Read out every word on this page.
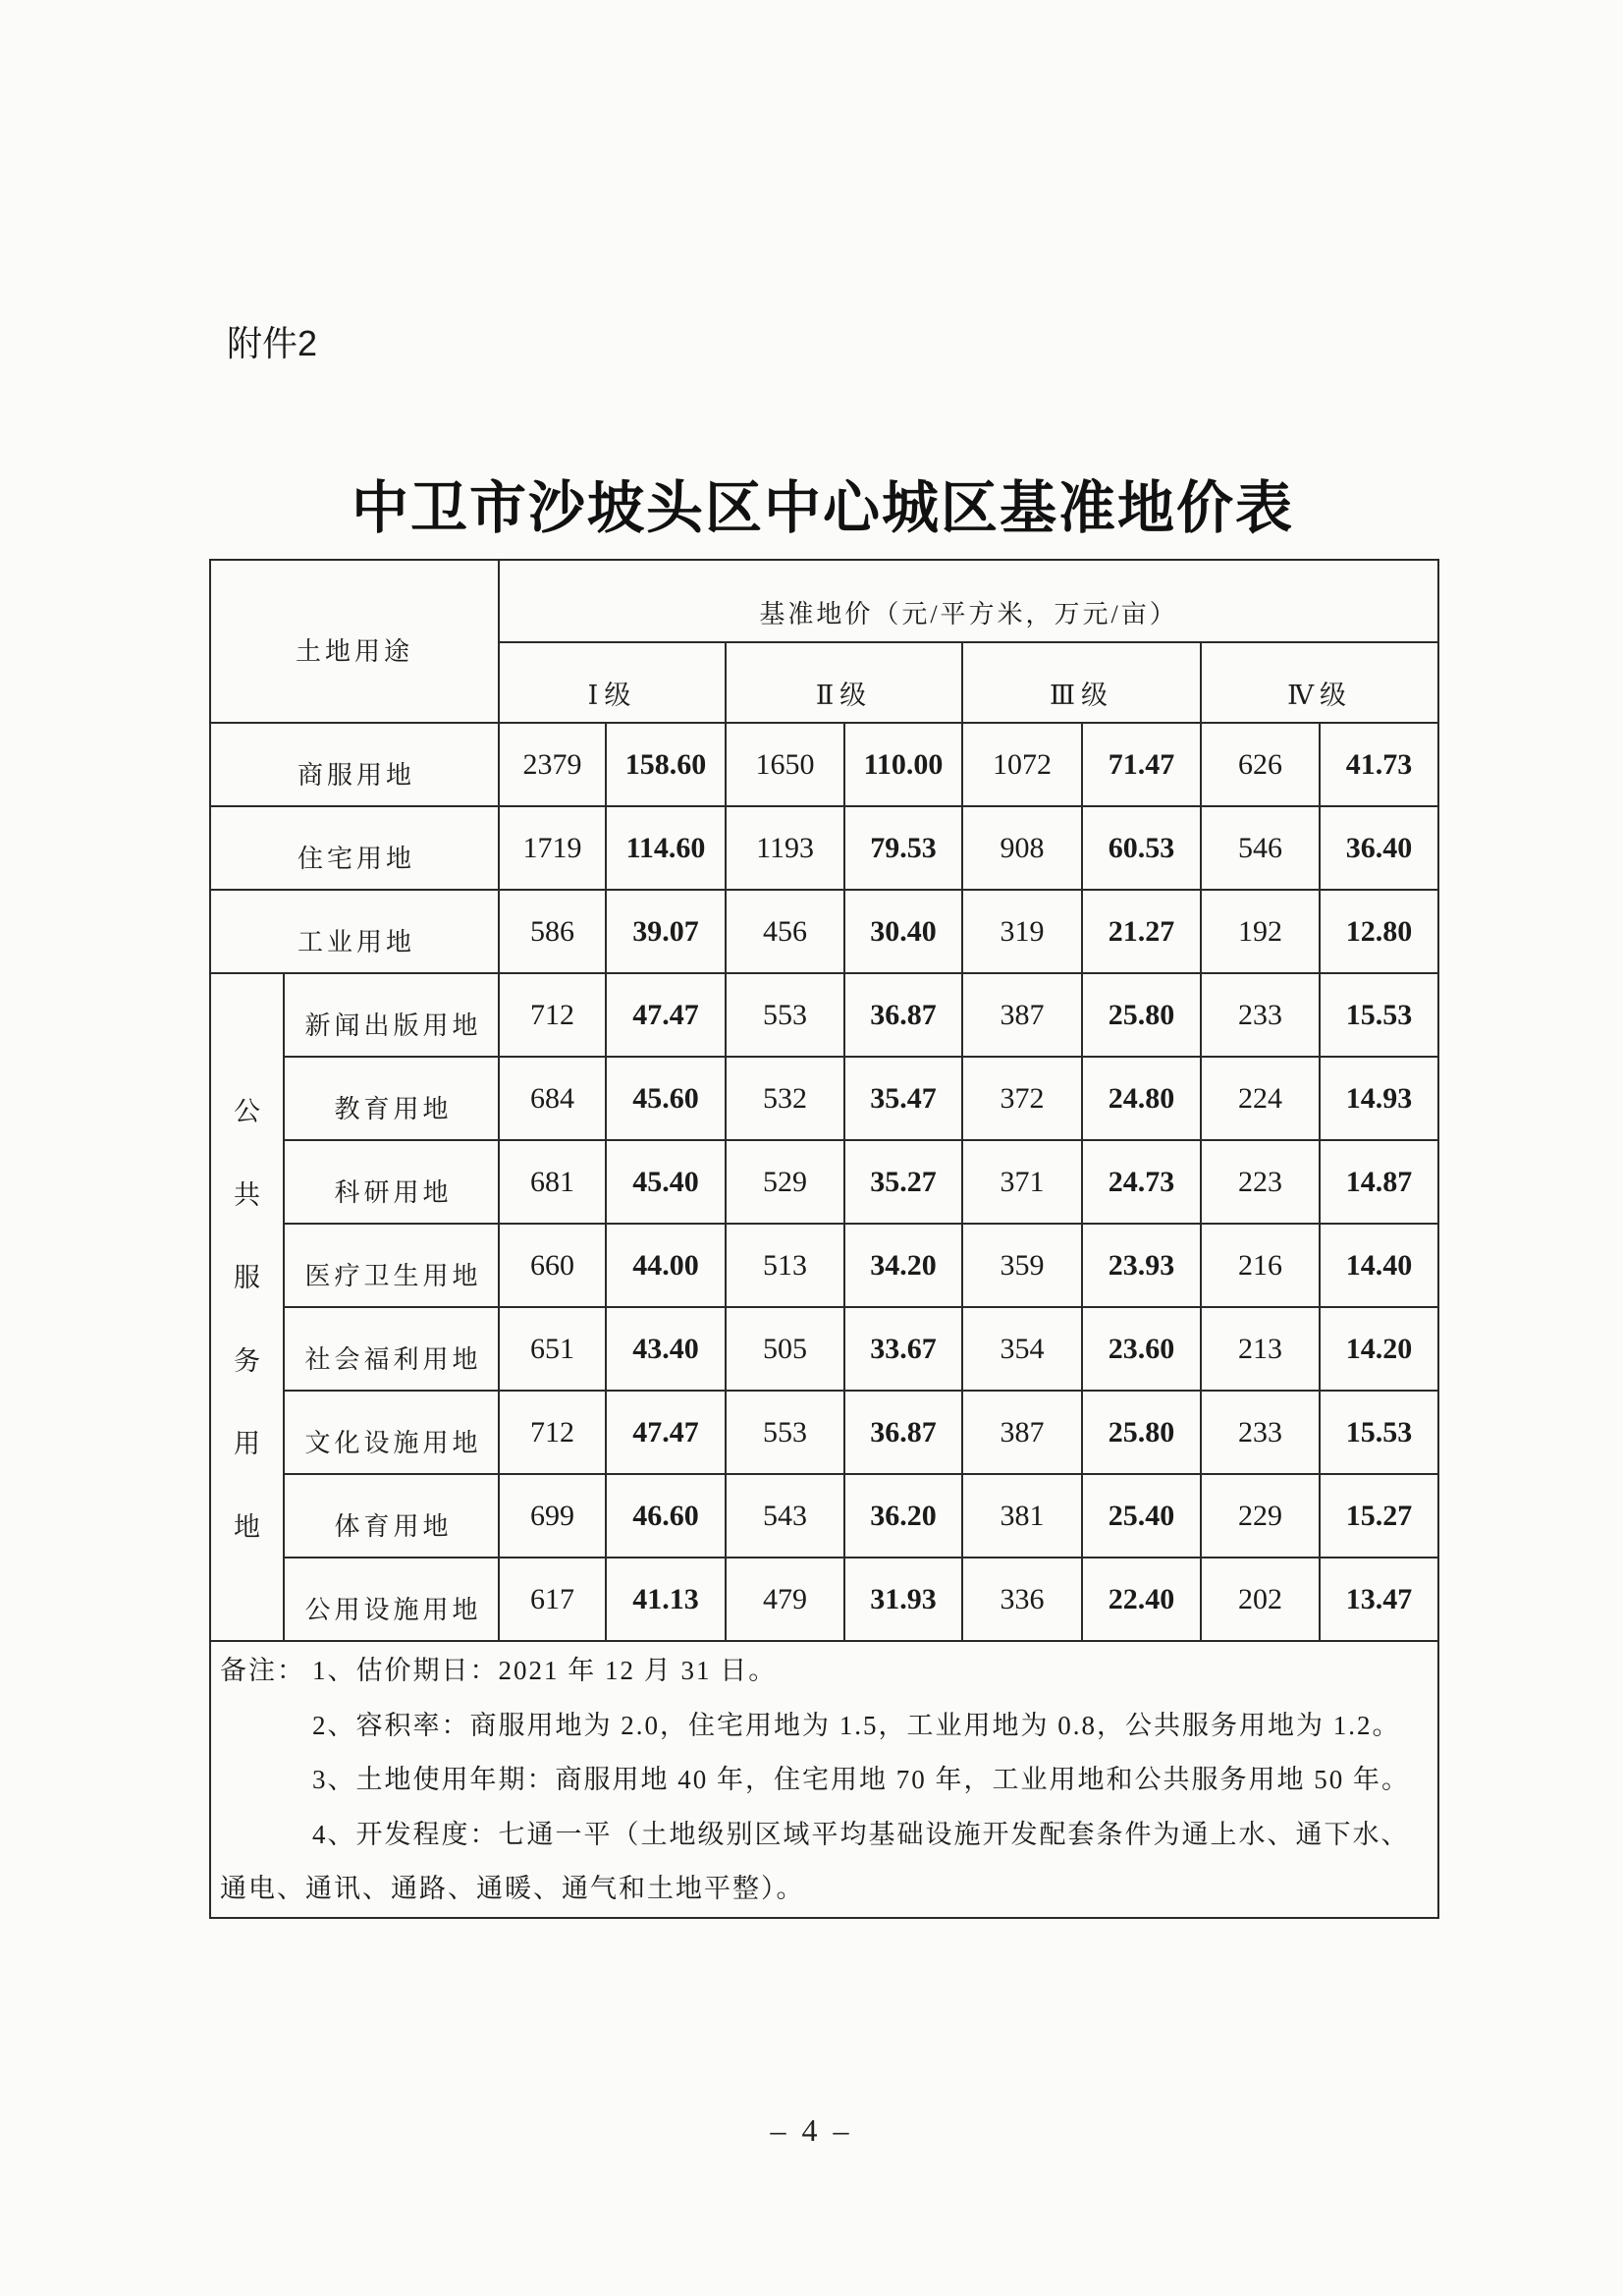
附件2
中卫市沙坡头区中心城区基准地价表
土地用途		基准地价（元/平方米，万元/亩）							
		Ⅰ级		Ⅱ级		Ⅲ级		Ⅳ级	
商服用地		2379	158.60	1650	110.00	1072	71.47	626	41.73
住宅用地		1719	114.60	1193	79.53	908	60.53	546	36.40
工业用地		586	39.07	456	30.40	319	21.27	192	12.80
公共服务用地	新闻出版用地	712	47.47	553	36.87	387	25.80	233	15.53
	教育用地	684	45.60	532	35.47	372	24.80	224	14.93
	科研用地	681	45.40	529	35.27	371	24.73	223	14.87
	医疗卫生用地	660	44.00	513	34.20	359	23.93	216	14.40
	社会福利用地	651	43.40	505	33.67	354	23.60	213	14.20
	文化设施用地	712	47.47	553	36.87	387	25.80	233	15.53
	体育用地	699	46.60	543	36.20	381	25.40	229	15.27
	公用设施用地	617	41.13	479	31.93	336	22.40	202	13.47

备注： 1、估价期日：2021 年 12 月 31 日。
2、容积率：商服用地为 2.0，住宅用地为 1.5，工业用地为 0.8，公共服务用地为 1.2。
3、土地使用年期：商服用地 40 年，住宅用地 70 年，工业用地和公共服务用地 50 年。
4、开发程度：七通一平（土地级别区域平均基础设施开发配套条件为通上水、通下水、通电、通讯、通路、通暖、通气和土地平整）。									
– 4 –
